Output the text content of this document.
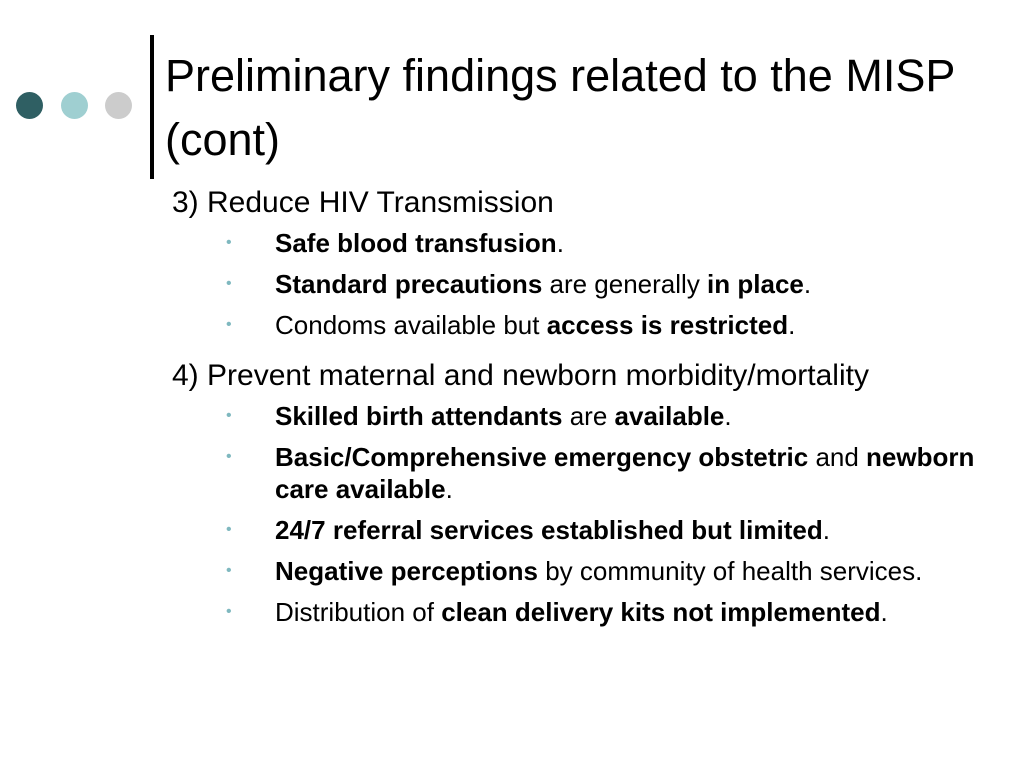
Preliminary findings related to the MISP (cont)

3) Reduce HIV Transmission

• Safe blood transfusion.
• Standard precautions are generally in place.
• Condoms available but access is restricted.

4) Prevent maternal and newborn morbidity/mortality

• Skilled birth attendants are available.
• Basic/Comprehensive emergency obstetric and newborn care available.
• 24/7 referral services established but limited.
• Negative perceptions by community of health services.
• Distribution of clean delivery kits not implemented.
